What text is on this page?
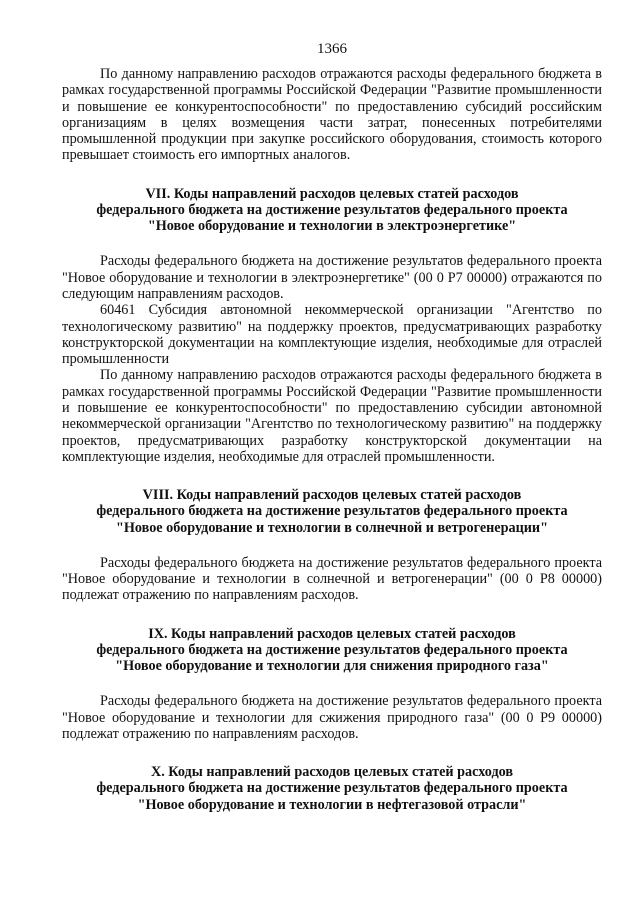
1366

По данному направлению расходов отражаются расходы федерального бюджета в рамках государственной программы Российской Федерации "Развитие промышленности и повышение ее конкурентоспособности" по предоставлению субсидий российским организациям в целях возмещения части затрат, понесенных потребителями промышленной продукции при закупке российского оборудования, стоимость которого превышает стоимость его импортных аналогов.

VII. Коды направлений расходов целевых статей расходов
федерального бюджета на достижение результатов федерального проекта
"Новое оборудование и технологии в электроэнергетике"

Расходы федерального бюджета на достижение результатов федерального проекта "Новое оборудование и технологии в электроэнергетике" (00 0 Р7 00000) отражаются по следующим направлениям расходов.

60461 Субсидия автономной некоммерческой организации "Агентство по технологическому развитию" на поддержку проектов, предусматривающих разработку конструкторской документации на комплектующие изделия, необходимые для отраслей промышленности

По данному направлению расходов отражаются расходы федерального бюджета в рамках государственной программы Российской Федерации "Развитие промышленности и повышение ее конкурентоспособности" по предоставлению субсидии автономной некоммерческой организации "Агентство по технологическому развитию" на поддержку проектов, предусматривающих разработку конструкторской документации на комплектующие изделия, необходимые для отраслей промышленности.

VIII. Коды направлений расходов целевых статей расходов
федерального бюджета на достижение результатов федерального проекта
"Новое оборудование и технологии в солнечной и ветрогенерации"

Расходы федерального бюджета на достижение результатов федерального проекта "Новое оборудование и технологии в солнечной и ветрогенерации" (00 0 Р8 00000) подлежат отражению по направлениям расходов.

IX. Коды направлений расходов целевых статей расходов
федерального бюджета на достижение результатов федерального проекта
"Новое оборудование и технологии для снижения природного газа"

Расходы федерального бюджета на достижение результатов федерального проекта "Новое оборудование и технологии для сжижения природного газа" (00 0 Р9 00000) подлежат отражению по направлениям расходов.

X. Коды направлений расходов целевых статей расходов
федерального бюджета на достижение результатов федерального проекта
"Новое оборудование и технологии в нефтегазовой отрасли"
